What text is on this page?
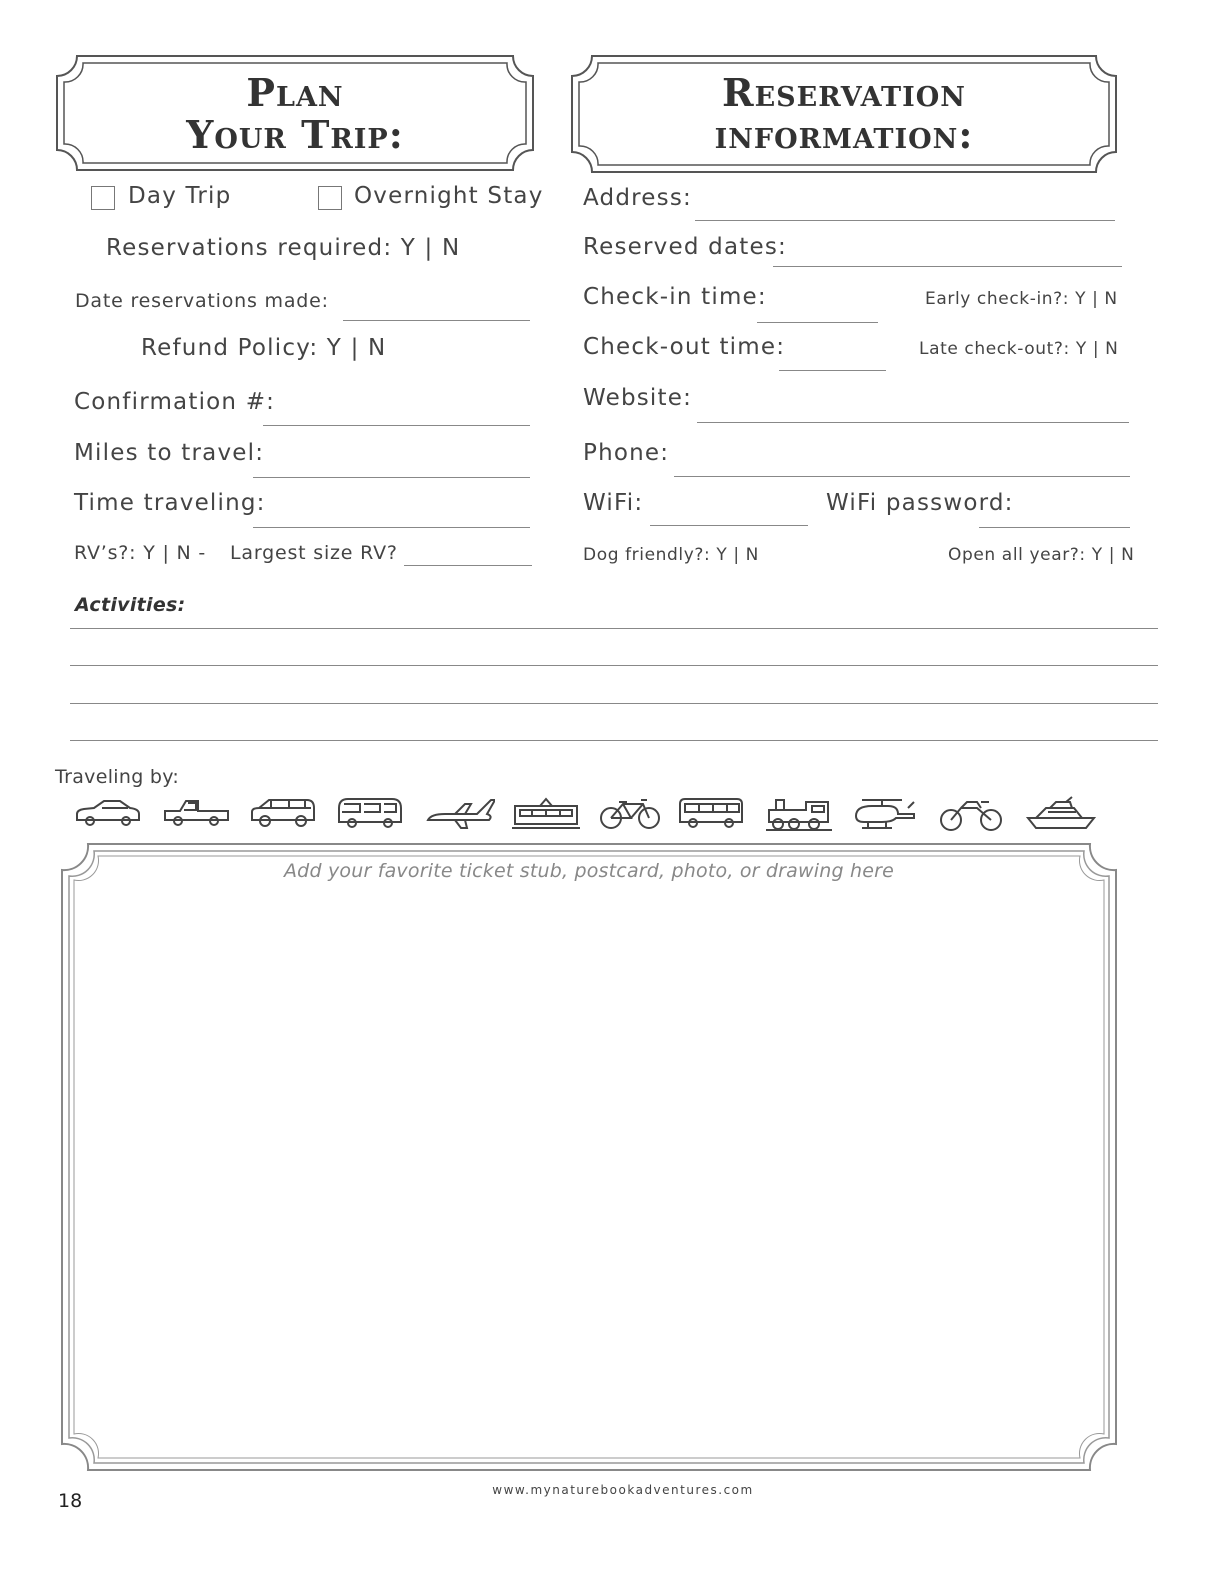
Plan
Your Trip:
Reservation
information:
Day Trip	Overnight Stay
Reservations required: Y | N
Date reservations made:
Refund Policy: Y | N
Confirmation #:
Miles to travel:
Time traveling:
RV’s?: Y | N - Largest size RV?
Address:
Reserved dates:
Check-in time:	Early check-in?: Y | N
Check-out time:	Late check-out?: Y | N
Website:
Phone:
WiFi:	WiFi password:
Dog friendly?: Y | N	Open all year?: Y | N
Activities:
Traveling by:
Add your favorite ticket stub, postcard, photo, or drawing here
18	www.mynaturebookadventures.com
